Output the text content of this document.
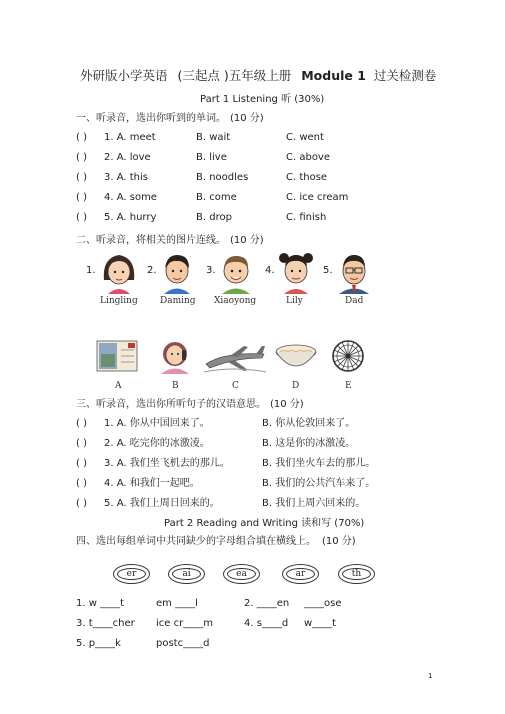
外研版小学英语 (三起点 )五年级上册 Module 1 过关检测卷
Part 1 Listening 听 (30%)
一、听录音，选出你听到的单词。 (10 分)
( ) 1. A. meet	B. wait	C. went
( ) 2. A. love	B. live	C. above
( ) 3. A. this	B. noodles	C. those
( ) 4. A. some	B. come	C. ice cream
( ) 5. A. hurry	B. drop	C. finish
二、听录音，将相关的图片连线。 (10 分)
1.
Lingling
2.
Daming
3.
Xiaoyong
4.
Lily
5.
Dad
A	B	C	D	E
三、听录音，选出你所听句子的汉语意思。 (10 分)
( ) 1. A. 你从中国回来了。	B. 你从伦敦回来了。
( ) 2. A. 吃完你的冰激凌。	B. 这是你的冰激凌。
( ) 3. A. 我们坐飞机去的那儿。	B. 我们坐火车去的那儿。
( ) 4. A. 和我们一起吧。	B. 我们的公共汽车来了。
( ) 5. A. 我们上周日回来的。	B. 我们上周六回来的。
Part 2 Reading and Writing 读和写 (70%)
四、选出每组单词中共同缺少的字母组合填在横线上。 (10 分)
er	ai	ea	ar	th
1. w ____t	em ____l	2. ____en ____ose
3. t____cher ice cr____m	4. s____d w____t
5. p____k	postc____d
1
